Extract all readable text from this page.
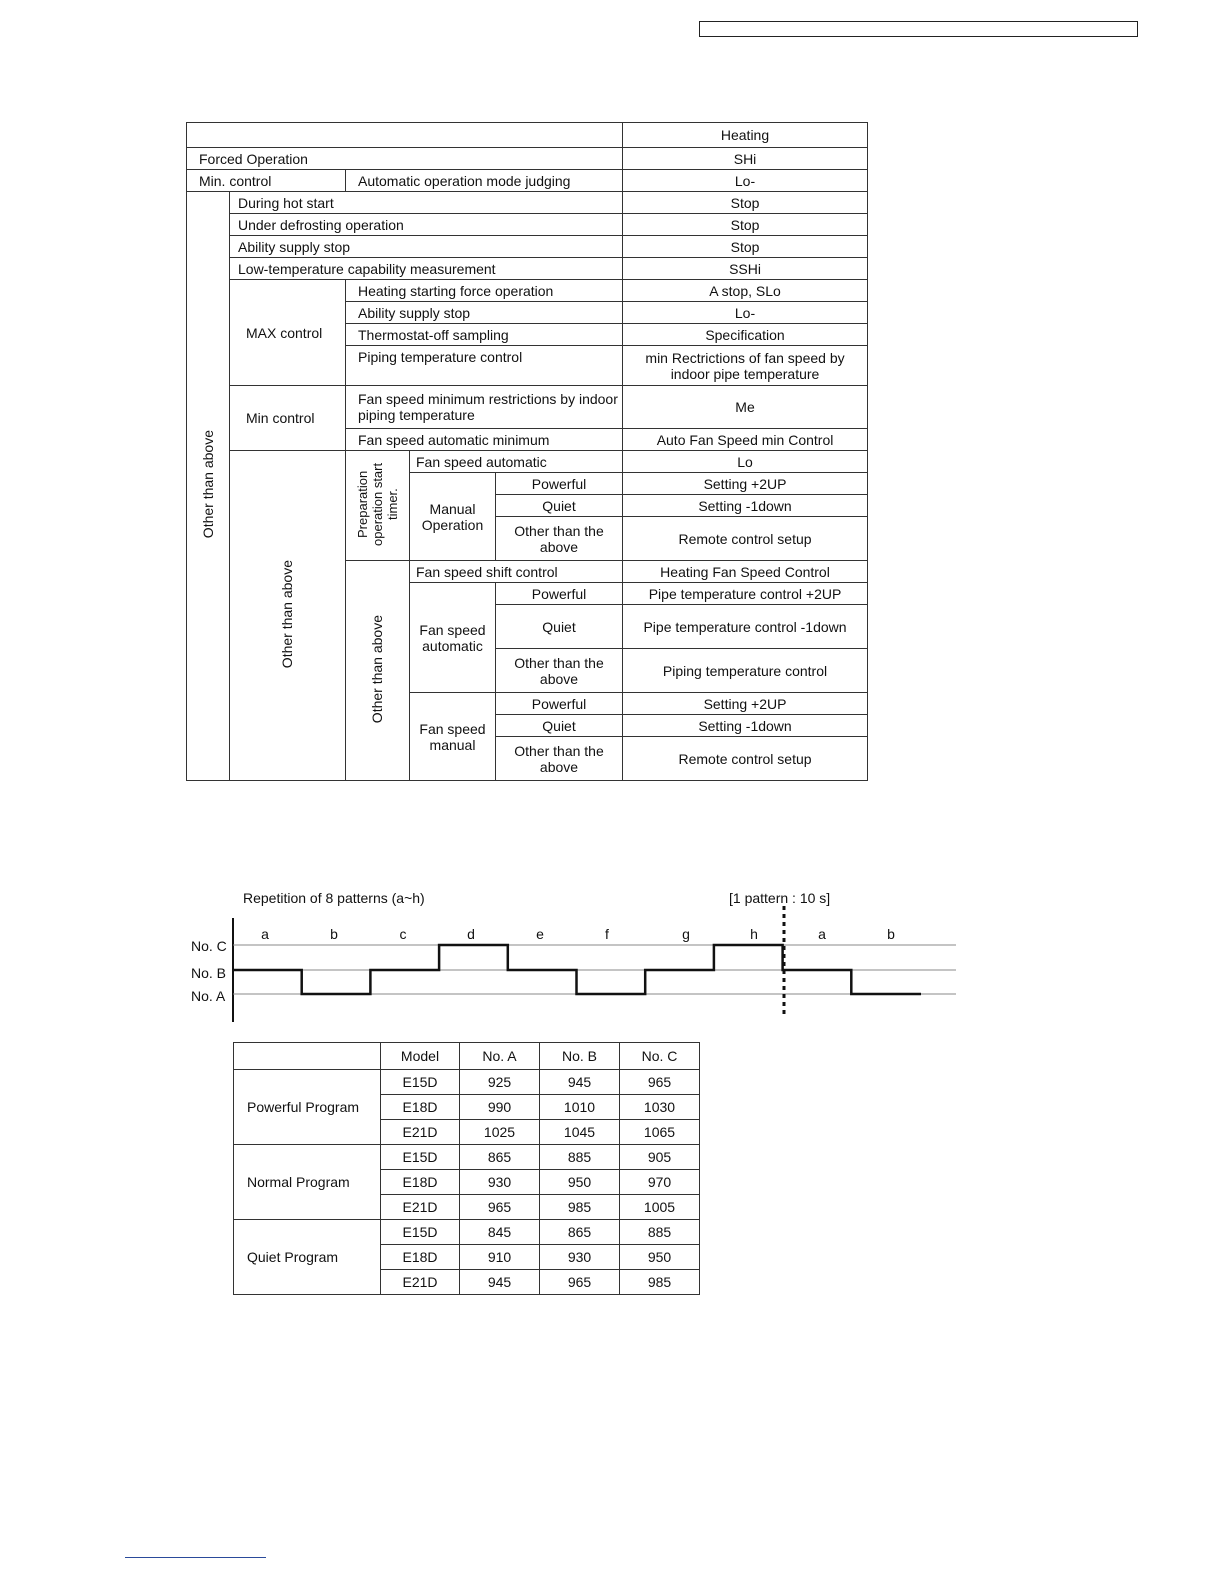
					Heating
Forced Operation					SHi
Min. control		Automatic operation mode judging			Lo-
Other than above	During hot start				Stop
	Under defrosting operation				Stop
	Ability supply stop				Stop
	Low-temperature capability measurement				SSHi
	MAX control	Heating starting force operation			A stop, SLo
		Ability supply stop			Lo-
		Thermostat-off sampling			Specification
		Piping temperature control			min Rectrictions of fan speed by indoor pipe temperature
	Min control	Fan speed minimum restrictions by indoor piping temperature			Me
		Fan speed automatic minimum			Auto Fan Speed min Control
	Other than above	Preparation operation start timer.	Fan speed automatic		Lo
			Manual Operation	Powerful	Setting +2UP
				Quiet	Setting -1down
				Other than the above	Remote control setup

		Other than above	Fan speed shift control		Heating Fan Speed Control
			Fan speed automatic	Powerful	Pipe temperature control +2UP
				Quiet	Pipe temperature control -1down

				Other than the above	Piping temperature control

			Fan speed manual	Powerful	Setting +2UP
				Quiet	Setting -1down
				Other than the above	Remote control setup

Repetition of 8 patterns (a~h)	[1 pattern : 10 s]
No. C
No. B
No. A
a	b	c	d	e	f	g	h	a	b
	Model	No. A	No. B	No. C
Powerful Program	E15D	925	945	965
	E18D	990	1010	1030
	E21D	1025	1045	1065
Normal Program	E15D	865	885	905
	E18D	930	950	970
	E21D	965	985	1005
Quiet Program	E15D	845	865	885
	E18D	910	930	950
	E21D	945	965	985
